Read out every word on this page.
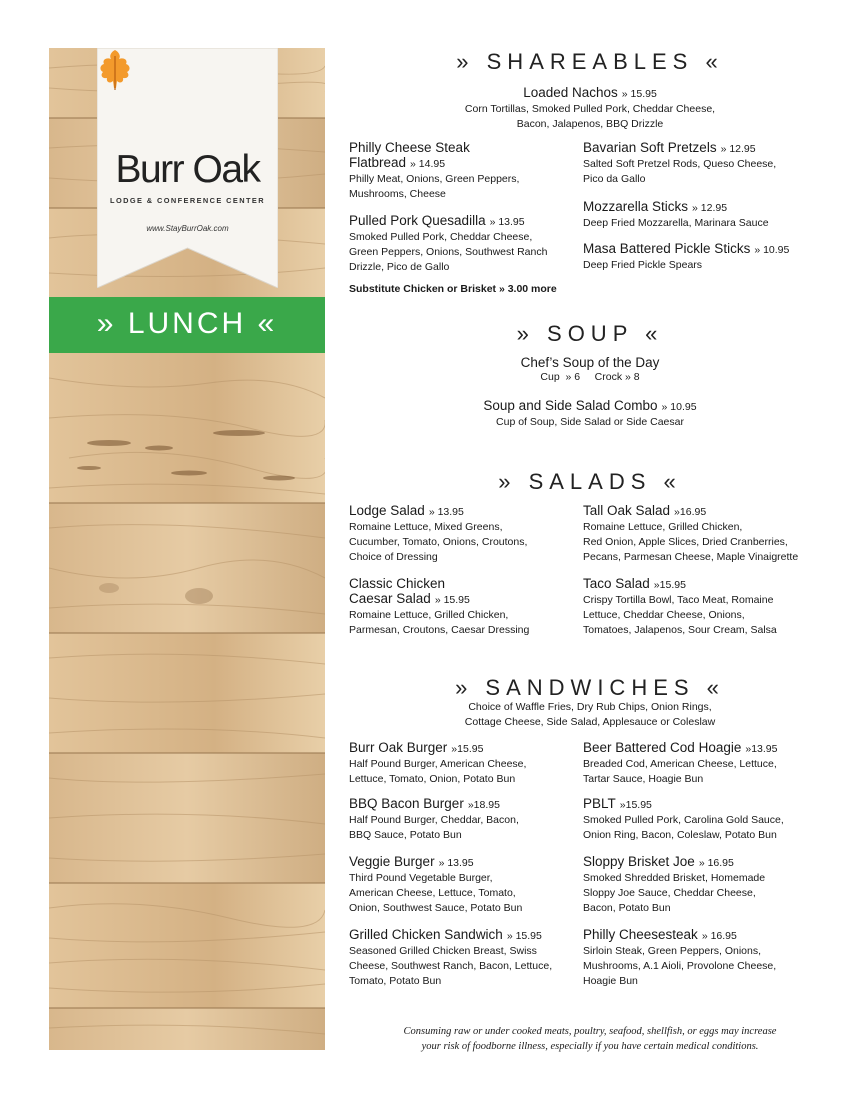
Burr Oak
LODGE & CONFERENCE CENTER
www.StayBurrOak.com
» LUNCH «
» SHAREABLES «
Loaded Nachos » 15.95
Corn Tortillas, Smoked Pulled Pork, Cheddar Cheese,
Bacon, Jalapenos, BBQ Drizzle
Philly Cheese Steak
Flatbread » 14.95
Philly Meat, Onions, Green Peppers,
Mushrooms, Cheese
Pulled Pork Quesadilla » 13.95
Smoked Pulled Pork, Cheddar Cheese,
Green Peppers, Onions, Southwest Ranch
Drizzle, Pico de Gallo
Substitute Chicken or Brisket » 3.00 more
Bavarian Soft Pretzels » 12.95
Salted Soft Pretzel Rods, Queso Cheese,
Pico da Gallo
Mozzarella Sticks » 12.95
Deep Fried Mozzarella, Marinara Sauce
Masa Battered Pickle Sticks » 10.95
Deep Fried Pickle Spears
» SOUP «
Chef’s Soup of the Day
Cup  » 6     Crock » 8
Soup and Side Salad Combo » 10.95
Cup of Soup, Side Salad or Side Caesar
» SALADS «
Lodge Salad » 13.95
Romaine Lettuce, Mixed Greens,
Cucumber, Tomato, Onions, Croutons,
Choice of Dressing
Classic Chicken
Caesar Salad » 15.95
Romaine Lettuce, Grilled Chicken,
Parmesan, Croutons, Caesar Dressing
Tall Oak Salad »16.95
Romaine Lettuce, Grilled Chicken,
Red Onion, Apple Slices, Dried Cranberries,
Pecans, Parmesan Cheese, Maple Vinaigrette
Taco Salad »15.95
Crispy Tortilla Bowl, Taco Meat, Romaine
Lettuce, Cheddar Cheese, Onions,
Tomatoes, Jalapenos, Sour Cream, Salsa
» SANDWICHES «
Choice of Waffle Fries, Dry Rub Chips, Onion Rings,
Cottage Cheese, Side Salad, Applesauce or Coleslaw
Burr Oak Burger »15.95
Half Pound Burger, American Cheese,
Lettuce, Tomato, Onion, Potato Bun
BBQ Bacon Burger »18.95
Half Pound Burger, Cheddar, Bacon,
BBQ Sauce, Potato Bun
Veggie Burger » 13.95
Third Pound Vegetable Burger,
American Cheese, Lettuce, Tomato,
Onion, Southwest Sauce, Potato Bun
Grilled Chicken Sandwich » 15.95
Seasoned Grilled Chicken Breast, Swiss
Cheese, Southwest Ranch, Bacon, Lettuce,
Tomato, Potato Bun
Beer Battered Cod Hoagie »13.95
Breaded Cod, American Cheese, Lettuce,
Tartar Sauce, Hoagie Bun
PBLT »15.95
Smoked Pulled Pork, Carolina Gold Sauce,
Onion Ring, Bacon, Coleslaw, Potato Bun
Sloppy Brisket Joe » 16.95
Smoked Shredded Brisket, Homemade
Sloppy Joe Sauce, Cheddar Cheese,
Bacon, Potato Bun
Philly Cheesesteak » 16.95
Sirloin Steak, Green Peppers, Onions,
Mushrooms, A.1 Aioli, Provolone Cheese,
Hoagie Bun
Consuming raw or under cooked meats, poultry, seafood, shellfish, or eggs may increase
your risk of foodborne illness, especially if you have certain medical conditions.
